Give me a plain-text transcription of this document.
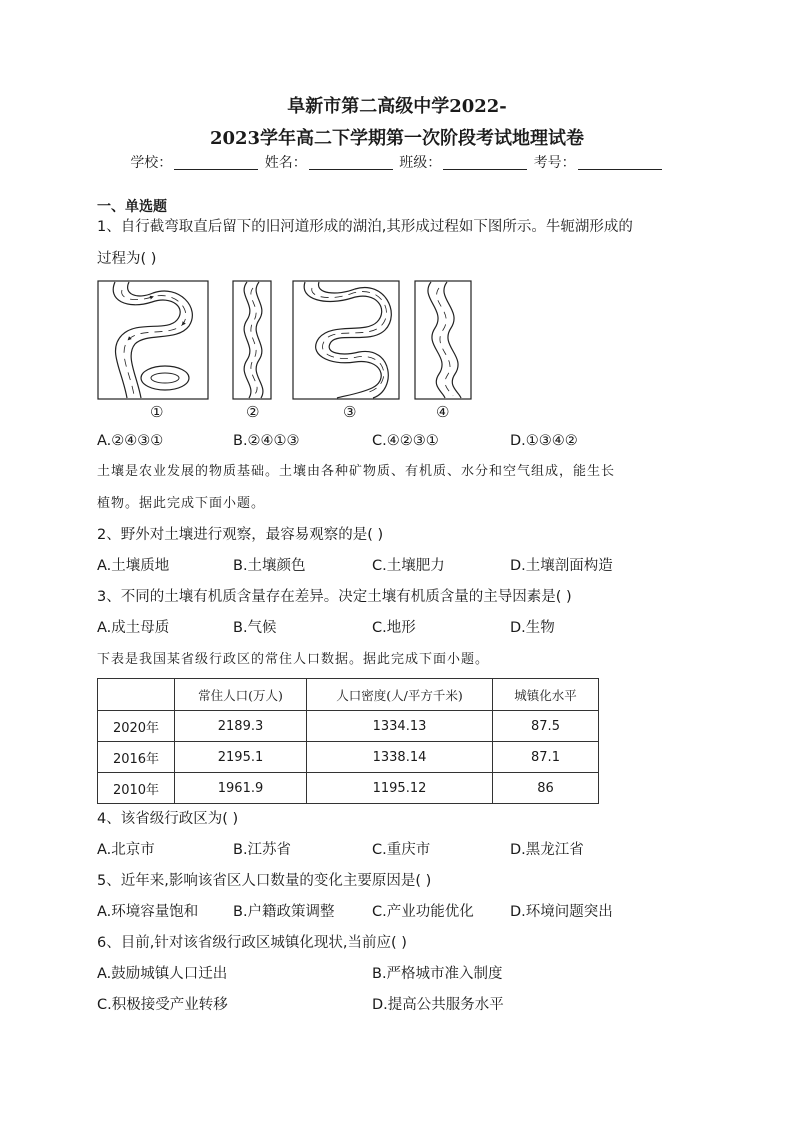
阜新市第二高级中学2022-
2023学年高二下学期第一次阶段考试地理试卷
学校：	姓名：	班级：	考号：
一、单选题
1、自行截弯取直后留下的旧河道形成的湖泊,其形成过程如下图所示。牛轭湖形成的
过程为( )
①	②	③	④
A.②④③①	B.②④①③	C.④②③①	D.①③④②
土壤是农业发展的物质基础。土壤由各种矿物质、有机质、水分和空气组成，能生长
植物。据此完成下面小题。
2、野外对土壤进行观察，最容易观察的是( )
A.土壤质地	B.土壤颜色	C.土壤肥力	D.土壤剖面构造
3、不同的土壤有机质含量存在差异。决定土壤有机质含量的主导因素是( )
A.成土母质	B.气候	C.地形	D.生物
下表是我国某省级行政区的常住人口数据。据此完成下面小题。
	常住人口(万人)	人口密度(人/平方千米)	城镇化水平
2020年	2189.3	1334.13	87.5
2016年	2195.1	1338.14	87.1
2010年	1961.9	1195.12	86
4、该省级行政区为( )
A.北京市	B.江苏省	C.重庆市	D.黑龙江省
5、近年来,影响该省区人口数量的变化主要原因是( )
A.环境容量饱和 B.户籍政策调整	C.产业功能优化	D.环境问题突出
6、目前,针对该省级行政区城镇化现状,当前应( )
A.鼓励城镇人口迁出	B.严格城市准入制度
C.积极接受产业转移	D.提高公共服务水平
